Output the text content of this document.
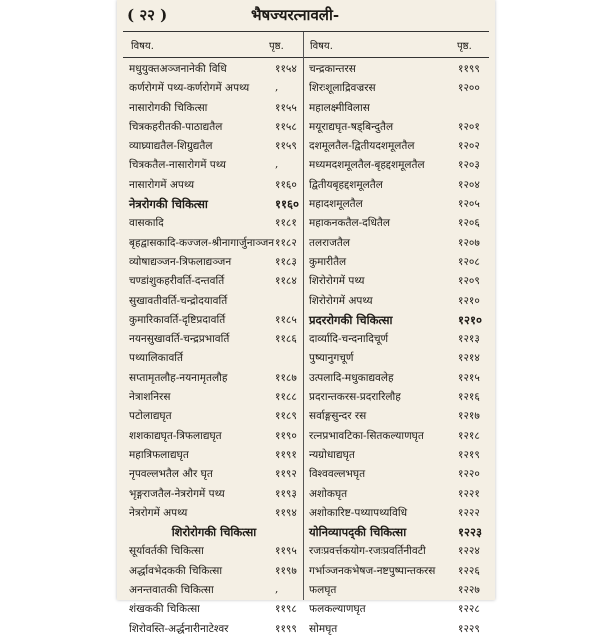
( २२ )	भैषज्यरत्नावली-
विषय.	पृष्ठ.	विषय.	पृष्ठ.
मधुयुक्तअञ्जनानेकी विधि	११५४ चन्द्रकान्तरस	११९९
कर्णरोगमें पथ्य-कर्णरोगमें अपथ्य	,	शिरःशूलाद्रिवज्ररस	१२००
नासारोगकी चिकित्सा	११५५ महालक्ष्मीविलास
चित्रकहरीतकी-पाठाद्यतैल	११५८ मयूराद्यघृत-षड्बिन्दुतैल	१२०१
व्याघ्र्याद्यतैल-शिग्रुद्यतैल	११५९ दशमूलतैल-द्वितीयदशमूलतैल	१२०२
चित्रकतैल-नासारोगमें पथ्य	,	मध्यमदशमूलतैल-बृहद्दशमूलतैल	१२०३
नासारोगमें अपथ्य	११६० द्वितीयबृहद्दशमूलतैल	१२०४
नेत्ररोगकी चिकित्सा	११६० महादशमूलतैल	१२०५
वासकादि	११८१ महाकनकतैल-दधितैल	१२०६
बृहद्वासकादि-कज्जल-श्रीनागार्जुनाञ्जन ११८२ तलराजतैल	१२०७
व्योषाद्यञ्जन-त्रिफलाद्यञ्जन	११८३ कुमारीतैल	१२०८
चण्डांशुकहरीवर्ति-दन्तवर्ति	११८४ शिरोरोगमें पथ्य	१२०९
सुखावतीवर्ति-चन्द्रोदयावर्ति	शिरोरोगमें अपथ्य	१२१०
कुमारिकावर्ति-दृष्टिप्रदावर्ति	११८५ प्रदररोगकी चिकित्सा	१२१०
नयनसुखावर्ति-चन्द्रप्रभावर्ति	११८६ दार्व्यादि-चन्दनादिचूर्ण	१२१३
पथ्यालिकावर्ति	पुष्यानुगचूर्ण	१२१४
सप्तामृतलौह-नयनामृतलौह	११८७ उत्पलादि-मधुकाद्यवलेह	१२१५
नेत्राशनिरस	११८८ प्रदरान्तकरस-प्रदरारिलौह	१२१६
पटोलाद्यघृत	११८९ सर्वाङ्गसुन्दर रस	१२१७
शशकाद्यघृत-त्रिफलाद्यघृत	११९० रत्नप्रभावटिका-सितकल्याणघृत	१२१८
महात्रिफलाद्यघृत	११९१ न्यग्रोधाद्यघृत	१२१९
नृपवल्लभतैल और घृत	११९२ विश्ववल्लभघृत	१२२०
भृङ्गराजतैल-नेत्ररोगमें पथ्य	११९३ अशोकघृत	१२२१
नेत्ररोगमें अपथ्य	११९४ अशोकारिष्ट-पथ्यापथ्यविधि	१२२२
शिरोरोगकी चिकित्सा	योनिव्यापद्की चिकित्सा	१२२३
सूर्यावर्तकी चिकित्सा	११९५ रजःप्रवर्त्तकयोग-रजःप्रवर्तिनीवटी	१२२४
अर्द्धावभेदककी चिकित्सा	११९७ गर्भाञ्जनकभेषज-नष्टपुष्पान्तकरस	१२२६
अनन्तवातकी चिकित्सा	,	फलघृत	१२२७
शंखककी चिकित्सा	११९८ फलकल्याणघृत	१२२८
शिरोवस्ति-अर्द्धनारीनाटेश्वर	११९९ सोमघृत	१२२९
